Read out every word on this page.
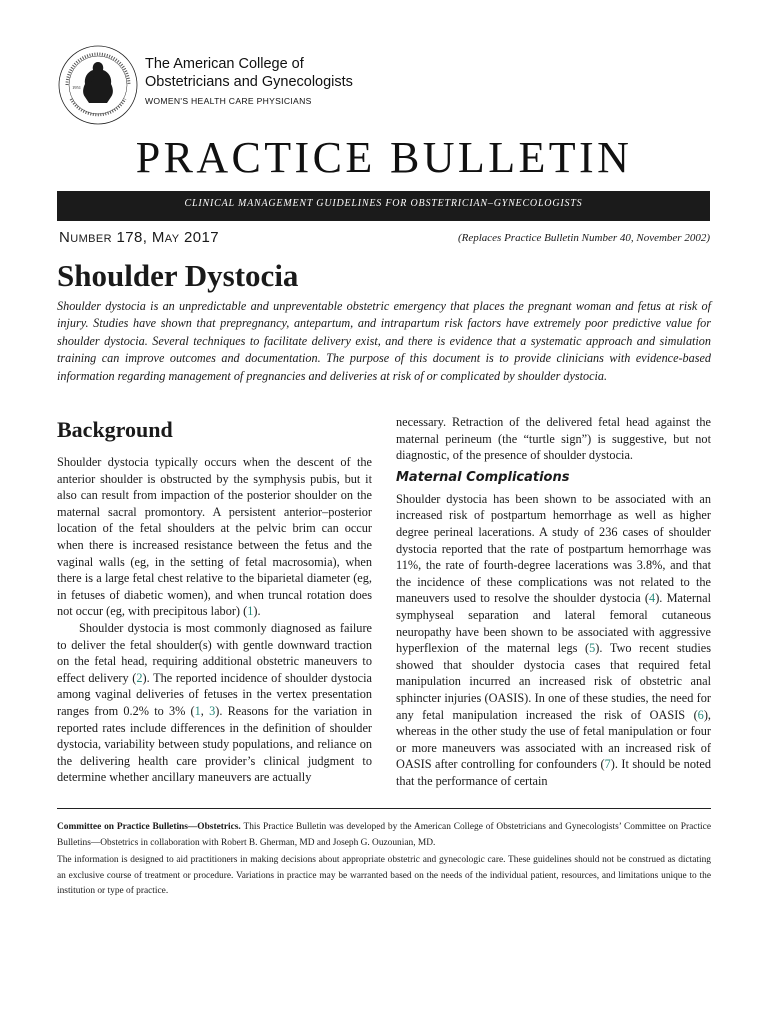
1951
The American College of
Obstetricians and Gynecologists
WOMEN'S HEALTH CARE PHYSICIANS
PRACTICE BULLETIN
CLINICAL MANAGEMENT GUIDELINES FOR OBSTETRICIAN–GYNECOLOGISTS
Number 178, May 2017	(Replaces Practice Bulletin Number 40, November 2002)
Shoulder Dystocia

Shoulder dystocia is an unpredictable and unpreventable obstetric emergency that places the pregnant woman and fetus at risk of injury. Studies have shown that prepregnancy, antepartum, and intrapartum risk factors have extremely poor predictive value for shoulder dystocia. Several techniques to facilitate delivery exist, and there is evidence that a systematic approach and simulation training can improve outcomes and documentation. The purpose of this document is to provide clinicians with evidence-based information regarding management of pregnancies and deliveries at risk of or complicated by shoulder dystocia.

Background

Shoulder dystocia typically occurs when the descent of the anterior shoulder is obstructed by the symphysis pubis, but it also can result from impaction of the posterior shoulder on the maternal sacral promontory. A persistent anterior–posterior location of the fetal shoulders at the pelvic brim can occur when there is increased resistance between the fetus and the vaginal walls (eg, in the setting of fetal macrosomia), when there is a large fetal chest relative to the biparietal diameter (eg, in fetuses of diabetic women), and when truncal rotation does not occur (eg, with precipitous labor) (1).

Shoulder dystocia is most commonly diagnosed as failure to deliver the fetal shoulder(s) with gentle downward traction on the fetal head, requiring additional obstetric maneuvers to effect delivery (2). The reported incidence of shoulder dystocia among vaginal deliveries of fetuses in the vertex presentation ranges from 0.2% to 3% (1, 3). Reasons for the variation in reported rates include differences in the definition of shoulder dystocia, variability between study populations, and reliance on the delivering health care provider’s clinical judgment to determine whether ancillary maneuvers are actually

necessary. Retraction of the delivered fetal head against the maternal perineum (the “turtle sign”) is suggestive, but not diagnostic, of the presence of shoulder dystocia.

Maternal Complications

Shoulder dystocia has been shown to be associated with an increased risk of postpartum hemorrhage as well as higher degree perineal lacerations. A study of 236 cases of shoulder dystocia reported that the rate of postpartum hemorrhage was 11%, the rate of fourth-degree lacerations was 3.8%, and that the incidence of these complications was not related to the maneuvers used to resolve the shoulder dystocia (4). Maternal symphyseal separation and lateral femoral cutaneous neuropathy have been shown to be associated with aggressive hyperflexion of the maternal legs (5). Two recent studies showed that shoulder dystocia cases that required fetal manipulation incurred an increased risk of obstetric anal sphincter injuries (OASIS). In one of these studies, the need for any fetal manipulation increased the risk of OASIS (6), whereas in the other study the use of fetal manipulation or four or more maneuvers was associated with an increased risk of OASIS after controlling for confounders (7). It should be noted that the performance of certain

Committee on Practice Bulletins—Obstetrics. This Practice Bulletin was developed by the American College of Obstetricians and Gynecologists’ Committee on Practice Bulletins—Obstetrics in collaboration with Robert B. Gherman, MD and Joseph G. Ouzounian, MD.

The information is designed to aid practitioners in making decisions about appropriate obstetric and gynecologic care. These guidelines should not be construed as dictating an exclusive course of treatment or procedure. Variations in practice may be warranted based on the needs of the individual patient, resources, and limitations unique to the institution or type of practice.
